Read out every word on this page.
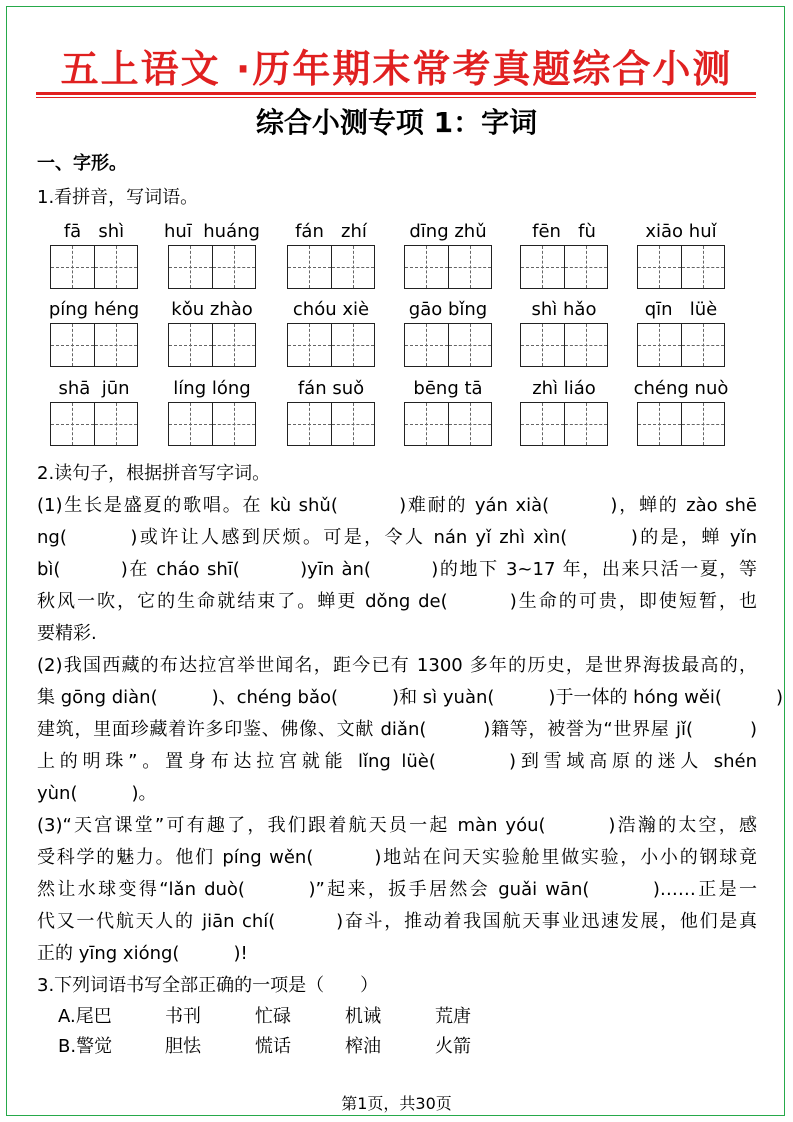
五上语文 ·历年期末常考真题综合小测
综合小测专项 1：字词
一、字形。
1.看拼音，写词语。
fā   shì	huī  huáng	fán   zhí	dīng zhǔ	fēn   fù	xiāo huǐ
píng héng	kǒu zhào	chóu xiè	gāo bǐng	shì hǎo	qīn   lüè
shā  jūn	líng lóng	fán suǒ	bēng tā	zhì liáo	chéng nuò
2.读句子，根据拼音写字词。
(1)生长是盛夏的歌唱。在 kù shǔ(　　　)难耐的 yán xià(　　　)，蝉的 zào shē
ng(　　　)或许让人感到厌烦。可是，令人 nán yǐ zhì xìn(　　　)的是，蝉 yǐn
bì(　　　)在 cháo shī(　　　)yīn àn(　　　)的地下 3~17 年，出来只活一夏，等
秋风一吹，它的生命就结束了。蝉更 dǒng de(　　　)生命的可贵，即使短暂，也
要精彩.
(2)我国西藏的布达拉宫举世闻名，距今已有 1300 多年的历史，是世界海拔最高的，
集 gōng diàn(　　　)、chéng bǎo(　　　)和 sì yuàn(　　　)于一体的 hóng wěi(　　　)
建筑，里面珍藏着许多印鉴、佛像、文献 diǎn(　　　)籍等，被誉为“世界屋 jǐ(　　　)
上的明珠”。置身布达拉宫就能 lǐng lüè(　　　)到雪域高原的迷人 shén
yùn(　　　)。
(3)“天宫课堂”可有趣了，我们跟着航天员一起 màn yóu(　　　)浩瀚的太空，感
受科学的魅力。他们 píng wěn(　　　)地站在问天实验舱里做实验，小小的钢球竟
然让水球变得“lǎn duò(　　　)”起来，扳手居然会 guǎi wān(　　　)……正是一
代又一代航天人的 jiān chí(　　　)奋斗，推动着我国航天事业迅速发展，他们是真
正的 yīng xióng(　　　)!
3.下列词语书写全部正确的一项是（　　）
A.尾巴	书刊	忙碌	机诫	荒唐
B.警觉	胆怯	慌话	榨油	火箭
第1页，共30页
